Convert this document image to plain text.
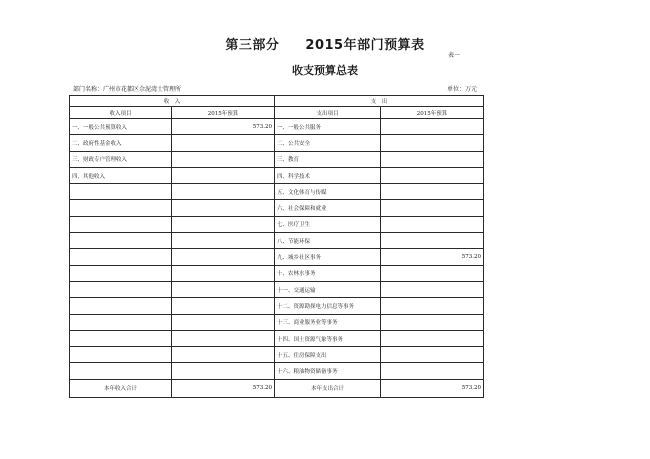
第三部分 2015年部门预算表
表一
收支预算总表
部门名称：广州市花都区佘泥湾士管理所	单位：万元
收　入		支　出	
收入项目	2015年预算	支出项目	2015年预算
一、一般公共预算收入	573.20	一、一般公共服务	
二、政府性基金收入		二、公共安全	
三、财政专户管理收入		三、教育	
四、其他收入		四、科学技术	
		五、文化体育与传媒	
		六、社会保障和就业	
		七、医疗卫生	
		八、节能环保	
		九、城乡社区事务	573.20
		十、农林水事务	
		十一、交通运输	
		十二、资源勘探电力信息等事务	
		十三、商业服务业等事务	
		十四、国土资源气象等事务	
		十五、住房保障支出	
		十六、粮油物资储备事务	
本年收入合计	573.20	本年支出合计	573.20
